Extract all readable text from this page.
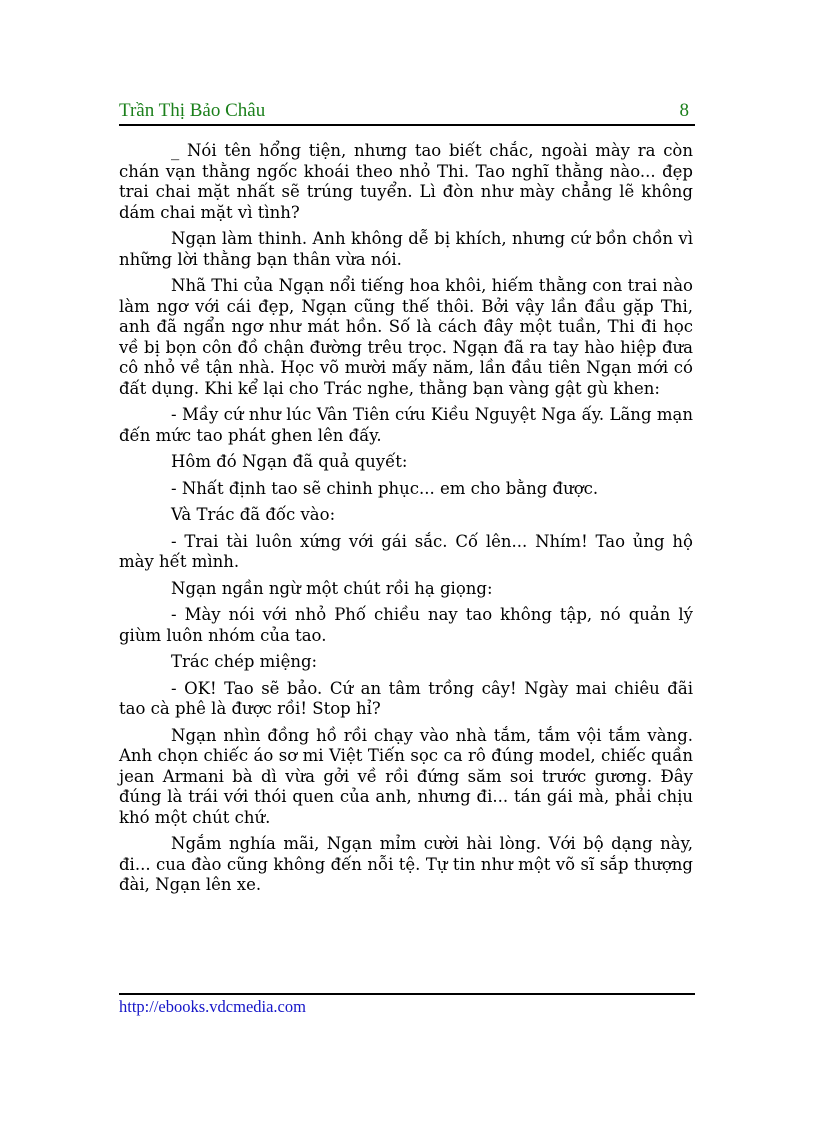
Trần Thị Bảo Châu	8

_ Nói tên hổng tiện, nhưng tao biết chắc, ngoài mày ra còn chán vạn thằng ngốc khoái theo nhỏ Thi. Tao nghĩ thằng nào... đẹp trai chai mặt nhất sẽ trúng tuyển. Lì đòn như mày chẳng lẽ không dám chai mặt vì tình?

Ngạn làm thinh. Anh không dễ bị khích, nhưng cứ bồn chồn vì những lời thằng bạn thân vừa nói.

Nhã Thi của Ngạn nổi tiếng hoa khôi, hiếm thằng con trai nào làm ngơ với cái đẹp, Ngạn cũng thế thôi. Bởi vậy lần đầu gặp Thi, anh đã ngẩn ngơ như mát hồn. Số là cách đây một tuần, Thi đi học về bị bọn côn đồ chận đường trêu trọc. Ngạn đã ra tay hào hiệp đưa cô nhỏ về tận nhà. Học võ mười mấy năm, lần đầu tiên Ngạn mới có đất dụng. Khi kể lại cho Trác nghe, thằng bạn vàng gật gù khen:

- Mầy cứ như lúc Vân Tiên cứu Kiều Nguyệt Nga ấy. Lãng mạn đến mức tao phát ghen lên đấy.

Hôm đó Ngạn đã quả quyết:

- Nhất định tao sẽ chinh phục... em cho bằng được.

Và Trác đã đốc vào:

- Trai tài luôn xứng với gái sắc. Cố lên... Nhím! Tao ủng hộ mày hết mình.

Ngạn ngần ngừ một chút rồi hạ giọng:

- Mày nói với nhỏ Phố chiều nay tao không tập, nó quản lý giùm luôn nhóm của tao.

Trác chép miệng:

- OK! Tao sẽ bảo. Cứ an tâm trồng cây! Ngày mai chiêu đãi tao cà phê là được rồi! Stop hỉ?

Ngạn nhìn đồng hồ rồi chạy vào nhà tắm, tắm vội tắm vàng. Anh chọn chiếc áo sơ mi Việt Tiến sọc ca rô đúng model, chiếc quần jean Armani bà dì vừa gởi về rồi đứng săm soi trước gương. Đây đúng là trái với thói quen của anh, nhưng đi... tán gái mà, phải chịu khó một chút chứ.

Ngắm nghía mãi, Ngạn mỉm cười hài lòng. Với bộ dạng này, đi... cua đào cũng không đến nỗi tệ. Tự tin như một võ sĩ sắp thượng đài, Ngạn lên xe.

http://ebooks.vdcmedia.com
